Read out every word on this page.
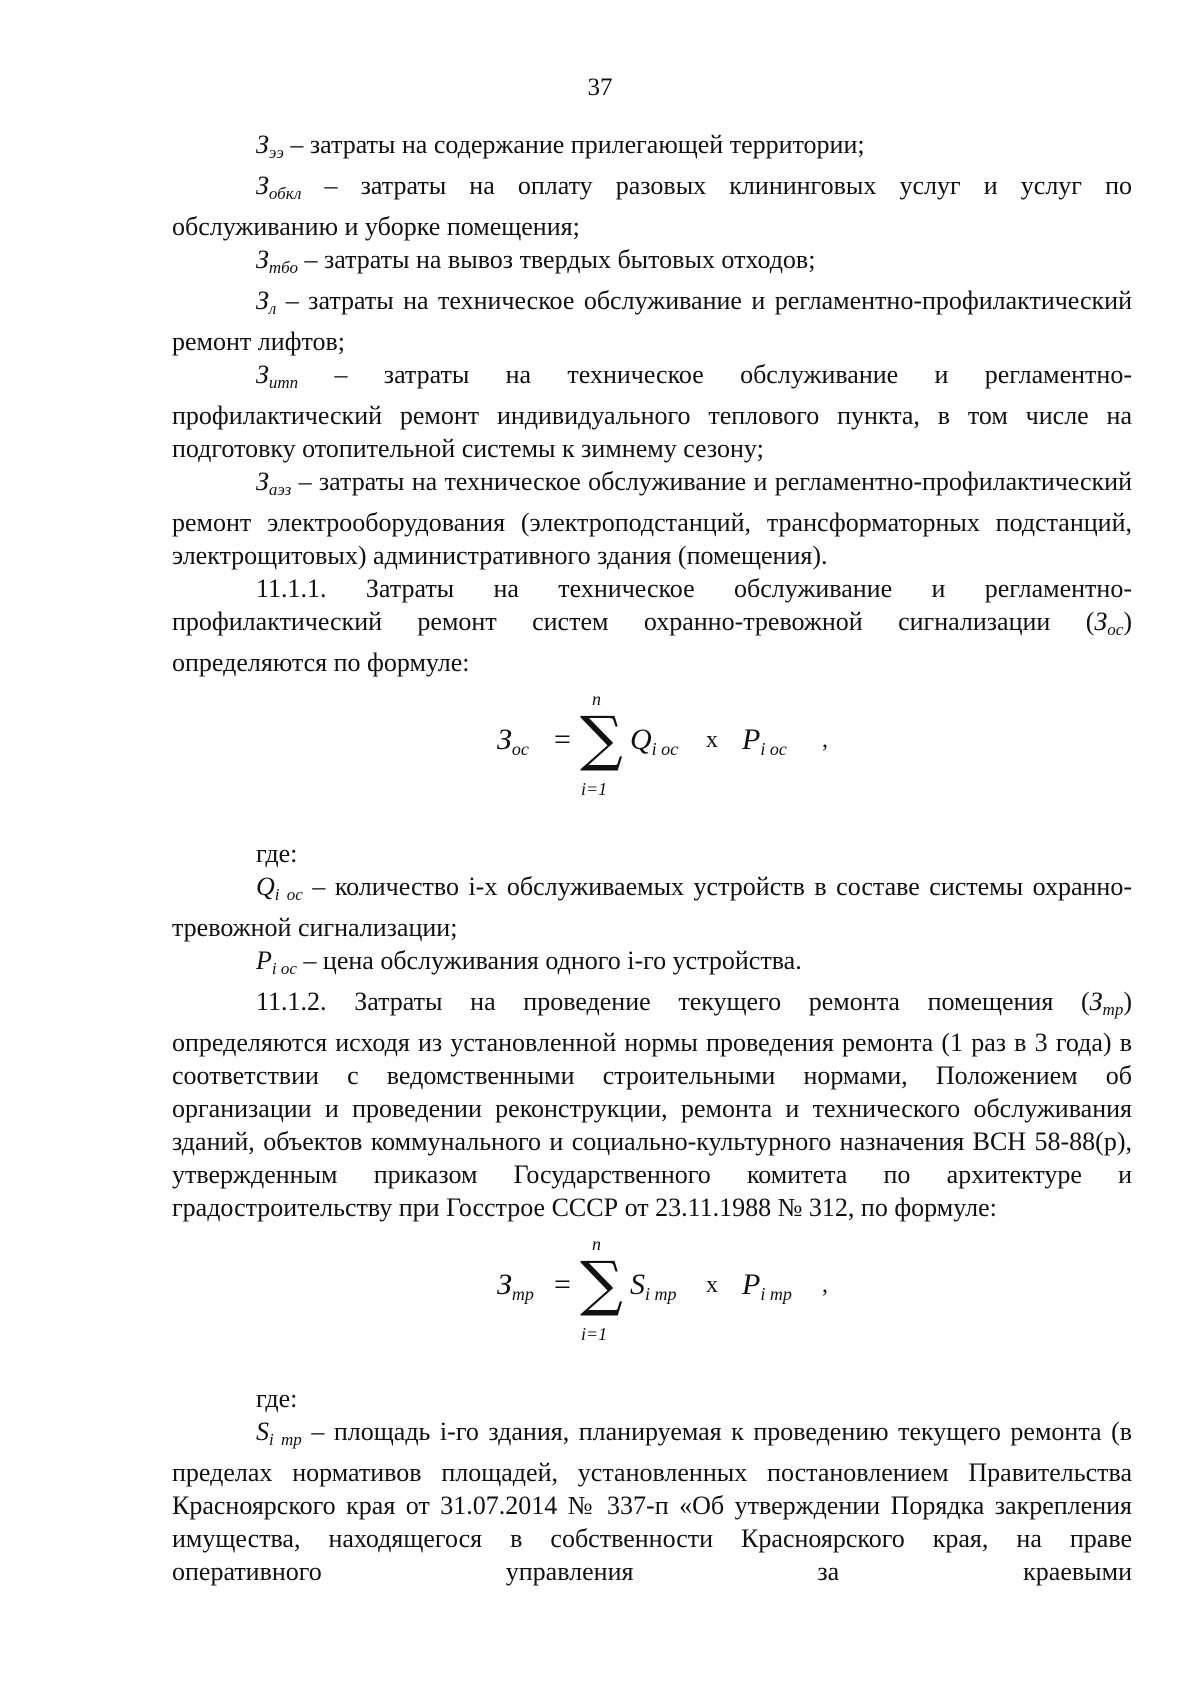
37

$З_{ээ}$ – затраты на содержание прилегающей территории;

$З_{обкл}$ – затраты на оплату разовых клининговых услуг и услуг по обслуживанию и уборке помещения;

$З_{тбо}$ – затраты на вывоз твердых бытовых отходов;

$З_л$ – затраты на техническое обслуживание и регламентно-профилактический ремонт лифтов;

$З_{итп}$ – затраты на техническое обслуживание и регламентно-профилактический ремонт индивидуального теплового пункта, в том числе на подготовку отопительной системы к зимнему сезону;

$З_{аэз}$ – затраты на техническое обслуживание и регламентно-профилактический ремонт электрооборудования (электроподстанций, трансформаторных подстанций, электрощитовых) административного здания (помещения).

11.1.1. Затраты на техническое обслуживание и регламентно-профилактический ремонт систем охранно-тревожной сигнализации $(З_{ос})$ определяются по формуле:

$З_{ос}$ =
n
∑
i=1
$Q_{i ос}$ х $P_{i ос}$ ,

где:

$Q_{i ос}$ – количество i-х обслуживаемых устройств в составе системы охранно-тревожной сигнализации;

$P_{i ос}$ – цена обслуживания одного i-го устройства.

11.1.2. Затраты на проведение текущего ремонта помещения $(З_{тр})$ определяются исходя из установленной нормы проведения ремонта (1 раз в 3 года) в соответствии с ведомственными строительными нормами, Положением об организации и проведении реконструкции, ремонта и технического обслуживания зданий, объектов коммунального и социально-культурного назначения ВСН 58-88(р), утвержденным приказом Государственного комитета по архитектуре и градостроительству при Госстрое СССР от 23.11.1988 № 312, по формуле:

$З_{тр}$ =
n
∑
i=1
$S_{i тр}$ х $P_{i тр}$ ,

где:

$S_{i тр}$ – площадь i-го здания, планируемая к проведению текущего ремонта (в пределах нормативов площадей, установленных постановлением Правительства Красноярского края от 31.07.2014 № 337-п «Об утверждении Порядка закрепления имущества, находящегося в собственности Красноярского края, на праве оперативного управления за краевыми
